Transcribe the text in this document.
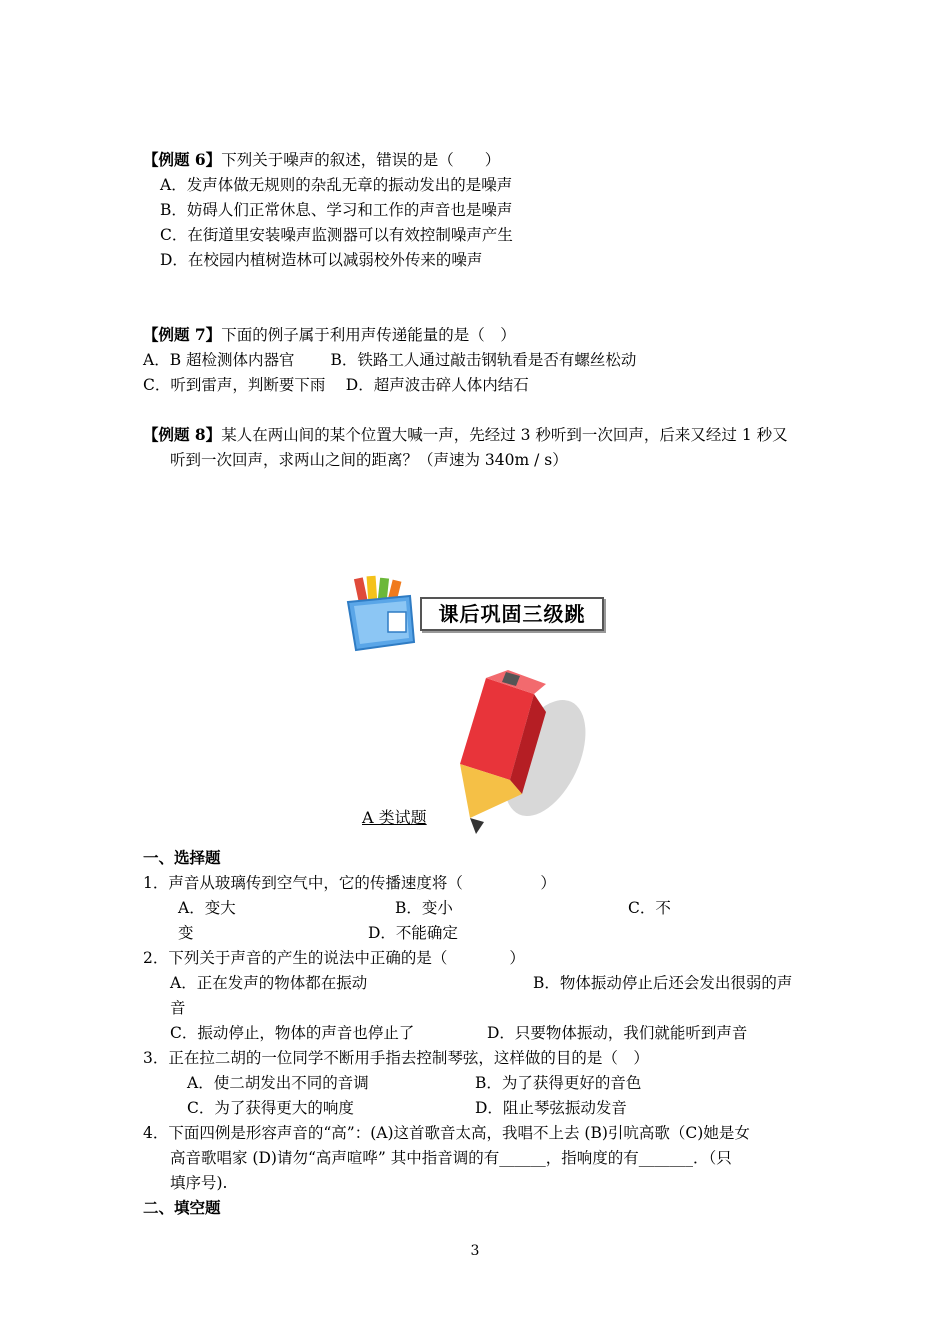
【例题 6】下列关于噪声的叙述，错误的是（　　）
A．发声体做无规则的杂乱无章的振动发出的是噪声
B．妨碍人们正常休息、学习和工作的声音也是噪声
C．在街道里安装噪声监测器可以有效控制噪声产生
D．在校园内植树造林可以减弱校外传来的噪声
【例题 7】下面的例子属于利用声传递能量的是（　）
A．B 超检测体内器官　　 B．铁路工人通过敲击钢轨看是否有螺丝松动
C．听到雷声，判断要下雨　 D．超声波击碎人体内结石
【例题 8】某人在两山间的某个位置大喊一声，先经过 3 秒听到一次回声，后来又经过 1 秒又
听到一次回声，求两山之间的距离？（声速为 340m / s）
课后巩固三级跳
A 类试题
一、选择题
1．声音从玻璃传到空气中，它的传播速度将（　　　　　）
A．变大	B．变小	C．不
变	D．不能确定
2．下列关于声音的产生的说法中正确的是（　　　　）
A．正在发声的物体都在振动	B．物体振动停止后还会发出很弱的声
音
C．振动停止，物体的声音也停止了	D．只要物体振动，我们就能听到声音
3．正在拉二胡的一位同学不断用手指去控制琴弦，这样做的目的是（　）
A．使二胡发出不同的音调	B．为了获得更好的音色
C．为了获得更大的响度	D．阻止琴弦振动发音
4．下面四例是形容声音的“高”：(A)这首歌音太高，我唱不上去 (B)引吭高歌（C)她是女
高音歌唱家 (D)请勿“高声喧哗” 其中指音调的有______，指响度的有_______．（只
填序号).
二、填空题
3
